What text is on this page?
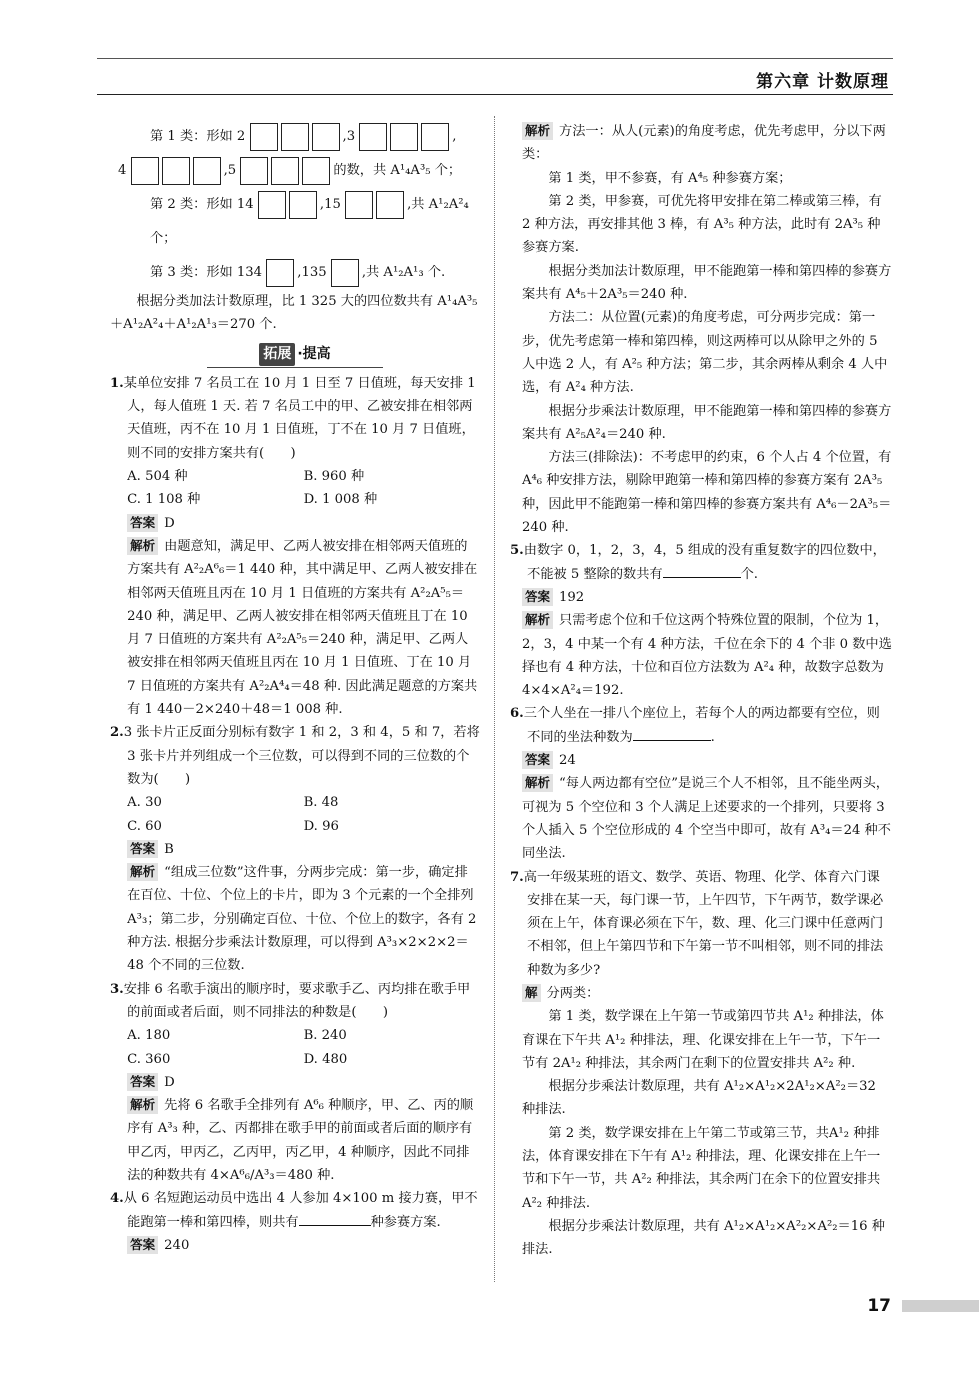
第六章 计数原理
第 1 类：形如 2	,3	,
4	,5	的数，共 A¹₄A³₅ 个；
第 2 类：形如 14	,15	,共 A¹₂A²₄ 个；
第 3 类：形如 134	,135	,共 A¹₂A¹₃ 个.

根据分类加法计数原理，比 1 325 大的四位数共有 A¹₄A³₅＋A¹₂A²₄＋A¹₂A¹₃＝270 个.

拓展 ·提高

1.某单位安排 7 名员工在 10 月 1 日至 7 日值班，每天安排 1 人，每人值班 1 天. 若 7 名员工中的甲、乙被安排在相邻两天值班，丙不在 10 月 1 日值班，丁不在 10 月 7 日值班，则不同的安排方案共有(　　)

A. 504 种	B. 960 种
C. 1 108 种	D. 1 008 种

答案 D

解析 由题意知，满足甲、乙两人被安排在相邻两天值班的方案共有 A²₂A⁶₆＝1 440 种，其中满足甲、乙两人被安排在相邻两天值班且丙在 10 月 1 日值班的方案共有 A²₂A⁵₅＝240 种，满足甲、乙两人被安排在相邻两天值班且丁在 10 月 7 日值班的方案共有 A²₂A⁵₅＝240 种，满足甲、乙两人被安排在相邻两天值班且丙在 10 月 1 日值班、丁在 10 月 7 日值班的方案共有 A²₂A⁴₄＝48 种. 因此满足题意的方案共有 1 440－2×240＋48＝1 008 种.

2.3 张卡片正反面分别标有数字 1 和 2，3 和 4，5 和 7，若将 3 张卡片并列组成一个三位数，可以得到不同的三位数的个数为(　　)

A. 30	B. 48
C. 60	D. 96

答案 B

解析 “组成三位数”这件事，分两步完成：第一步，确定排在百位、十位、个位上的卡片，即为 3 个元素的一个全排列 A³₃；第二步，分别确定百位、十位、个位上的数字，各有 2 种方法. 根据分步乘法计数原理，可以得到 A³₃×2×2×2＝48 个不同的三位数.

3.安排 6 名歌手演出的顺序时，要求歌手乙、丙均排在歌手甲的前面或者后面，则不同排法的种数是(　　)

A. 180	B. 240
C. 360	D. 480

答案 D

解析 先将 6 名歌手全排列有 A⁶₆ 种顺序，甲、乙、丙的顺序有 A³₃ 种，乙、丙都排在歌手甲的前面或者后面的顺序有甲乙丙，甲丙乙，乙丙甲，丙乙甲，4 种顺序，因此不同排法的种数共有 4×A⁶₆/A³₃＝480 种.

4.从 6 名短跑运动员中选出 4 人参加 4×100 m 接力赛，甲不能跑第一棒和第四棒，则共有	种参赛方案.

答案 240

解析 方法一：从人(元素)的角度考虑，优先考虑甲，分以下两类：

第 1 类，甲不参赛，有 A⁴₅ 种参赛方案；

第 2 类，甲参赛，可优先将甲安排在第二棒或第三棒，有 2 种方法，再安排其他 3 棒，有 A³₅ 种方法，此时有 2A³₅ 种参赛方案.

根据分类加法计数原理，甲不能跑第一棒和第四棒的参赛方案共有 A⁴₅＋2A³₅＝240 种.

方法二：从位置(元素)的角度考虑，可分两步完成：第一步，优先考虑第一棒和第四棒，则这两棒可以从除甲之外的 5 人中选 2 人，有 A²₅ 种方法；第二步，其余两棒从剩余 4 人中选，有 A²₄ 种方法.

根据分步乘法计数原理，甲不能跑第一棒和第四棒的参赛方案共有 A²₅A²₄＝240 种.

方法三(排除法)：不考虑甲的约束，6 个人占 4 个位置，有 A⁴₆ 种安排方法，剔除甲跑第一棒和第四棒的参赛方案有 2A³₅ 种，因此甲不能跑第一棒和第四棒的参赛方案共有 A⁴₆－2A³₅＝240 种.

5.由数字 0，1，2，3，4，5 组成的没有重复数字的四位数中，不能被 5 整除的数共有	个.

答案 192

解析 只需考虑个位和千位这两个特殊位置的限制，个位为 1，2，3，4 中某一个有 4 种方法，千位在余下的 4 个非 0 数中选择也有 4 种方法，十位和百位方法数为 A²₄ 种，故数字总数为 4×4×A²₄＝192.

6.三个人坐在一排八个座位上，若每个人的两边都要有空位，则不同的坐法种数为	.

答案 24

解析 “每人两边都有空位”是说三个人不相邻，且不能坐两头，可视为 5 个空位和 3 个人满足上述要求的一个排列，只要将 3 个人插入 5 个空位形成的 4 个空当中即可，故有 A³₄＝24 种不同坐法.

7.高一年级某班的语文、数学、英语、物理、化学、体育六门课安排在某一天，每门课一节，上午四节，下午两节，数学课必须在上午，体育课必须在下午，数、理、化三门课中任意两门不相邻，但上午第四节和下午第一节不叫相邻，则不同的排法种数为多少?

解 分两类：

第 1 类，数学课在上午第一节或第四节共 A¹₂ 种排法，体育课在下午共 A¹₂ 种排法，理、化课安排在上午一节，下午一节有 2A¹₂ 种排法，其余两门在剩下的位置安排共 A²₂ 种.

根据分步乘法计数原理，共有 A¹₂×A¹₂×2A¹₂×A²₂＝32 种排法.

第 2 类，数学课安排在上午第二节或第三节，共A¹₂ 种排法，体育课安排在下午有 A¹₂ 种排法，理、化课安排在上午一节和下午一节，共 A²₂ 种排法，其余两门在余下的位置安排共 A²₂ 种排法.

根据分步乘法计数原理，共有 A¹₂×A¹₂×A²₂×A²₂＝16 种排法.

17
